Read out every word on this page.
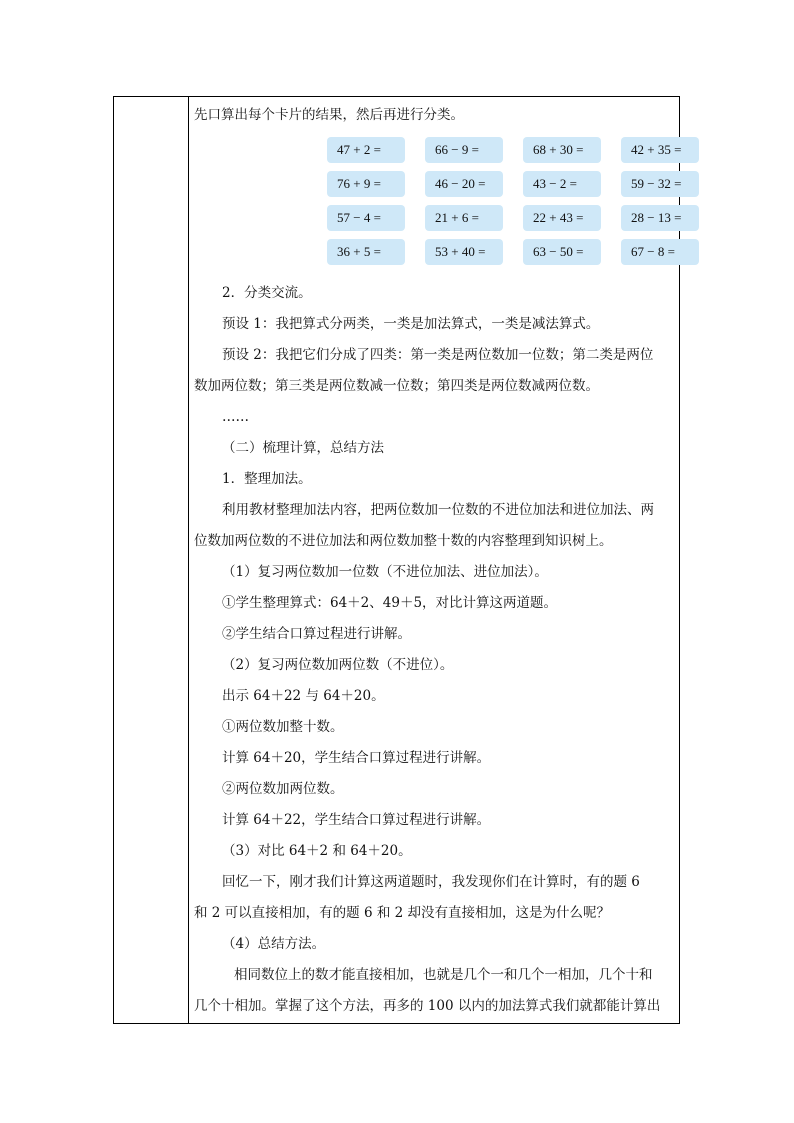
先口算出每个卡片的结果，然后再进行分类。
47 + 2 =	66 − 9 =	68 + 30 =	42 + 35 =
76 + 9 =	46 − 20 =	43 − 2 =	59 − 32 =
57 − 4 =	21 + 6 =	22 + 43 =	28 − 13 =
36 + 5 =	53 + 40 =	63 − 50 =	67 − 8 =
2．分类交流。
预设 1：我把算式分两类，一类是加法算式，一类是减法算式。
预设 2：我把它们分成了四类：第一类是两位数加一位数；第二类是两位
数加两位数；第三类是两位数减一位数；第四类是两位数减两位数。
……
（二）梳理计算，总结方法
1．整理加法。
利用教材整理加法内容，把两位数加一位数的不进位加法和进位加法、两
位数加两位数的不进位加法和两位数加整十数的内容整理到知识树上。
（1）复习两位数加一位数（不进位加法、进位加法）。
①学生整理算式：64＋2、49＋5，对比计算这两道题。
②学生结合口算过程进行讲解。
（2）复习两位数加两位数（不进位）。
出示 64＋22 与 64＋20。
①两位数加整十数。
计算 64＋20，学生结合口算过程进行讲解。
②两位数加两位数。
计算 64＋22，学生结合口算过程进行讲解。
（3）对比 64＋2 和 64＋20。
回忆一下，刚才我们计算这两道题时，我发现你们在计算时，有的题 6
和 2 可以直接相加，有的题 6 和 2 却没有直接相加，这是为什么呢？
（4）总结方法。
相同数位上的数才能直接相加，也就是几个一和几个一相加，几个十和
几个十相加。掌握了这个方法，再多的 100 以内的加法算式我们就都能计算出
